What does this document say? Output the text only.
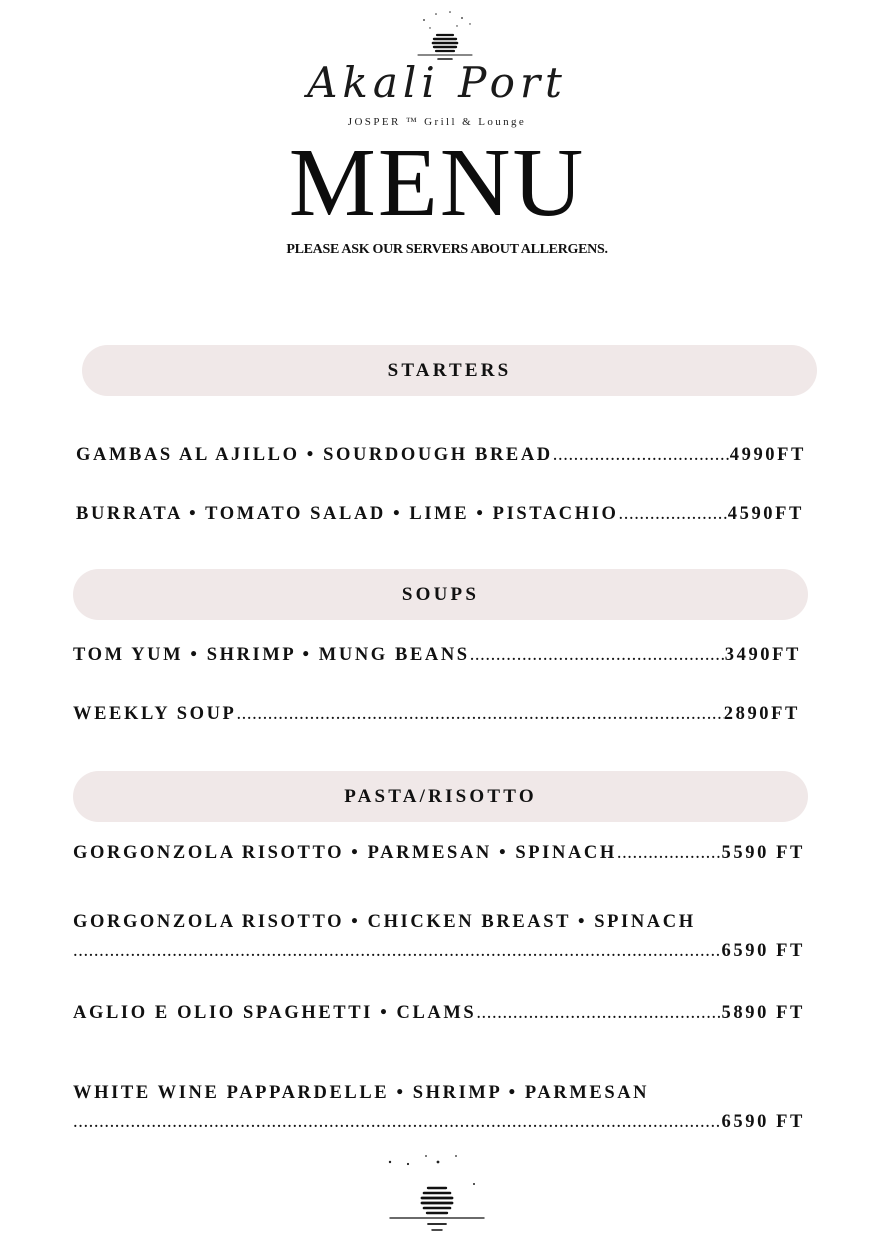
Akali Port
JOSPER ™ Grill & Lounge
MENU
PLEASE ASK OUR SERVERS ABOUT ALLERGENS.
STARTERS
GAMBAS AL AJILLO • SOURDOUGH BREAD .....	4990FT
BURRATA • TOMATO SALAD • LIME • PISTACHIO .....	4590FT
SOUPS
TOM YUM • SHRIMP • MUNG BEANS .....	3490FT
WEEKLY SOUP .....	2890FT
PASTA/RISOTTO
GORGONZOLA RISOTTO • PARMESAN • SPINACH .....	5590 FT
GORGONZOLA RISOTTO • CHICKEN BREAST • SPINACH
.....
6590 FT
AGLIO E OLIO SPAGHETTI • CLAMS .....	5890 FT
WHITE WINE PAPPARDELLE • SHRIMP • PARMESAN
.....
6590 FT
